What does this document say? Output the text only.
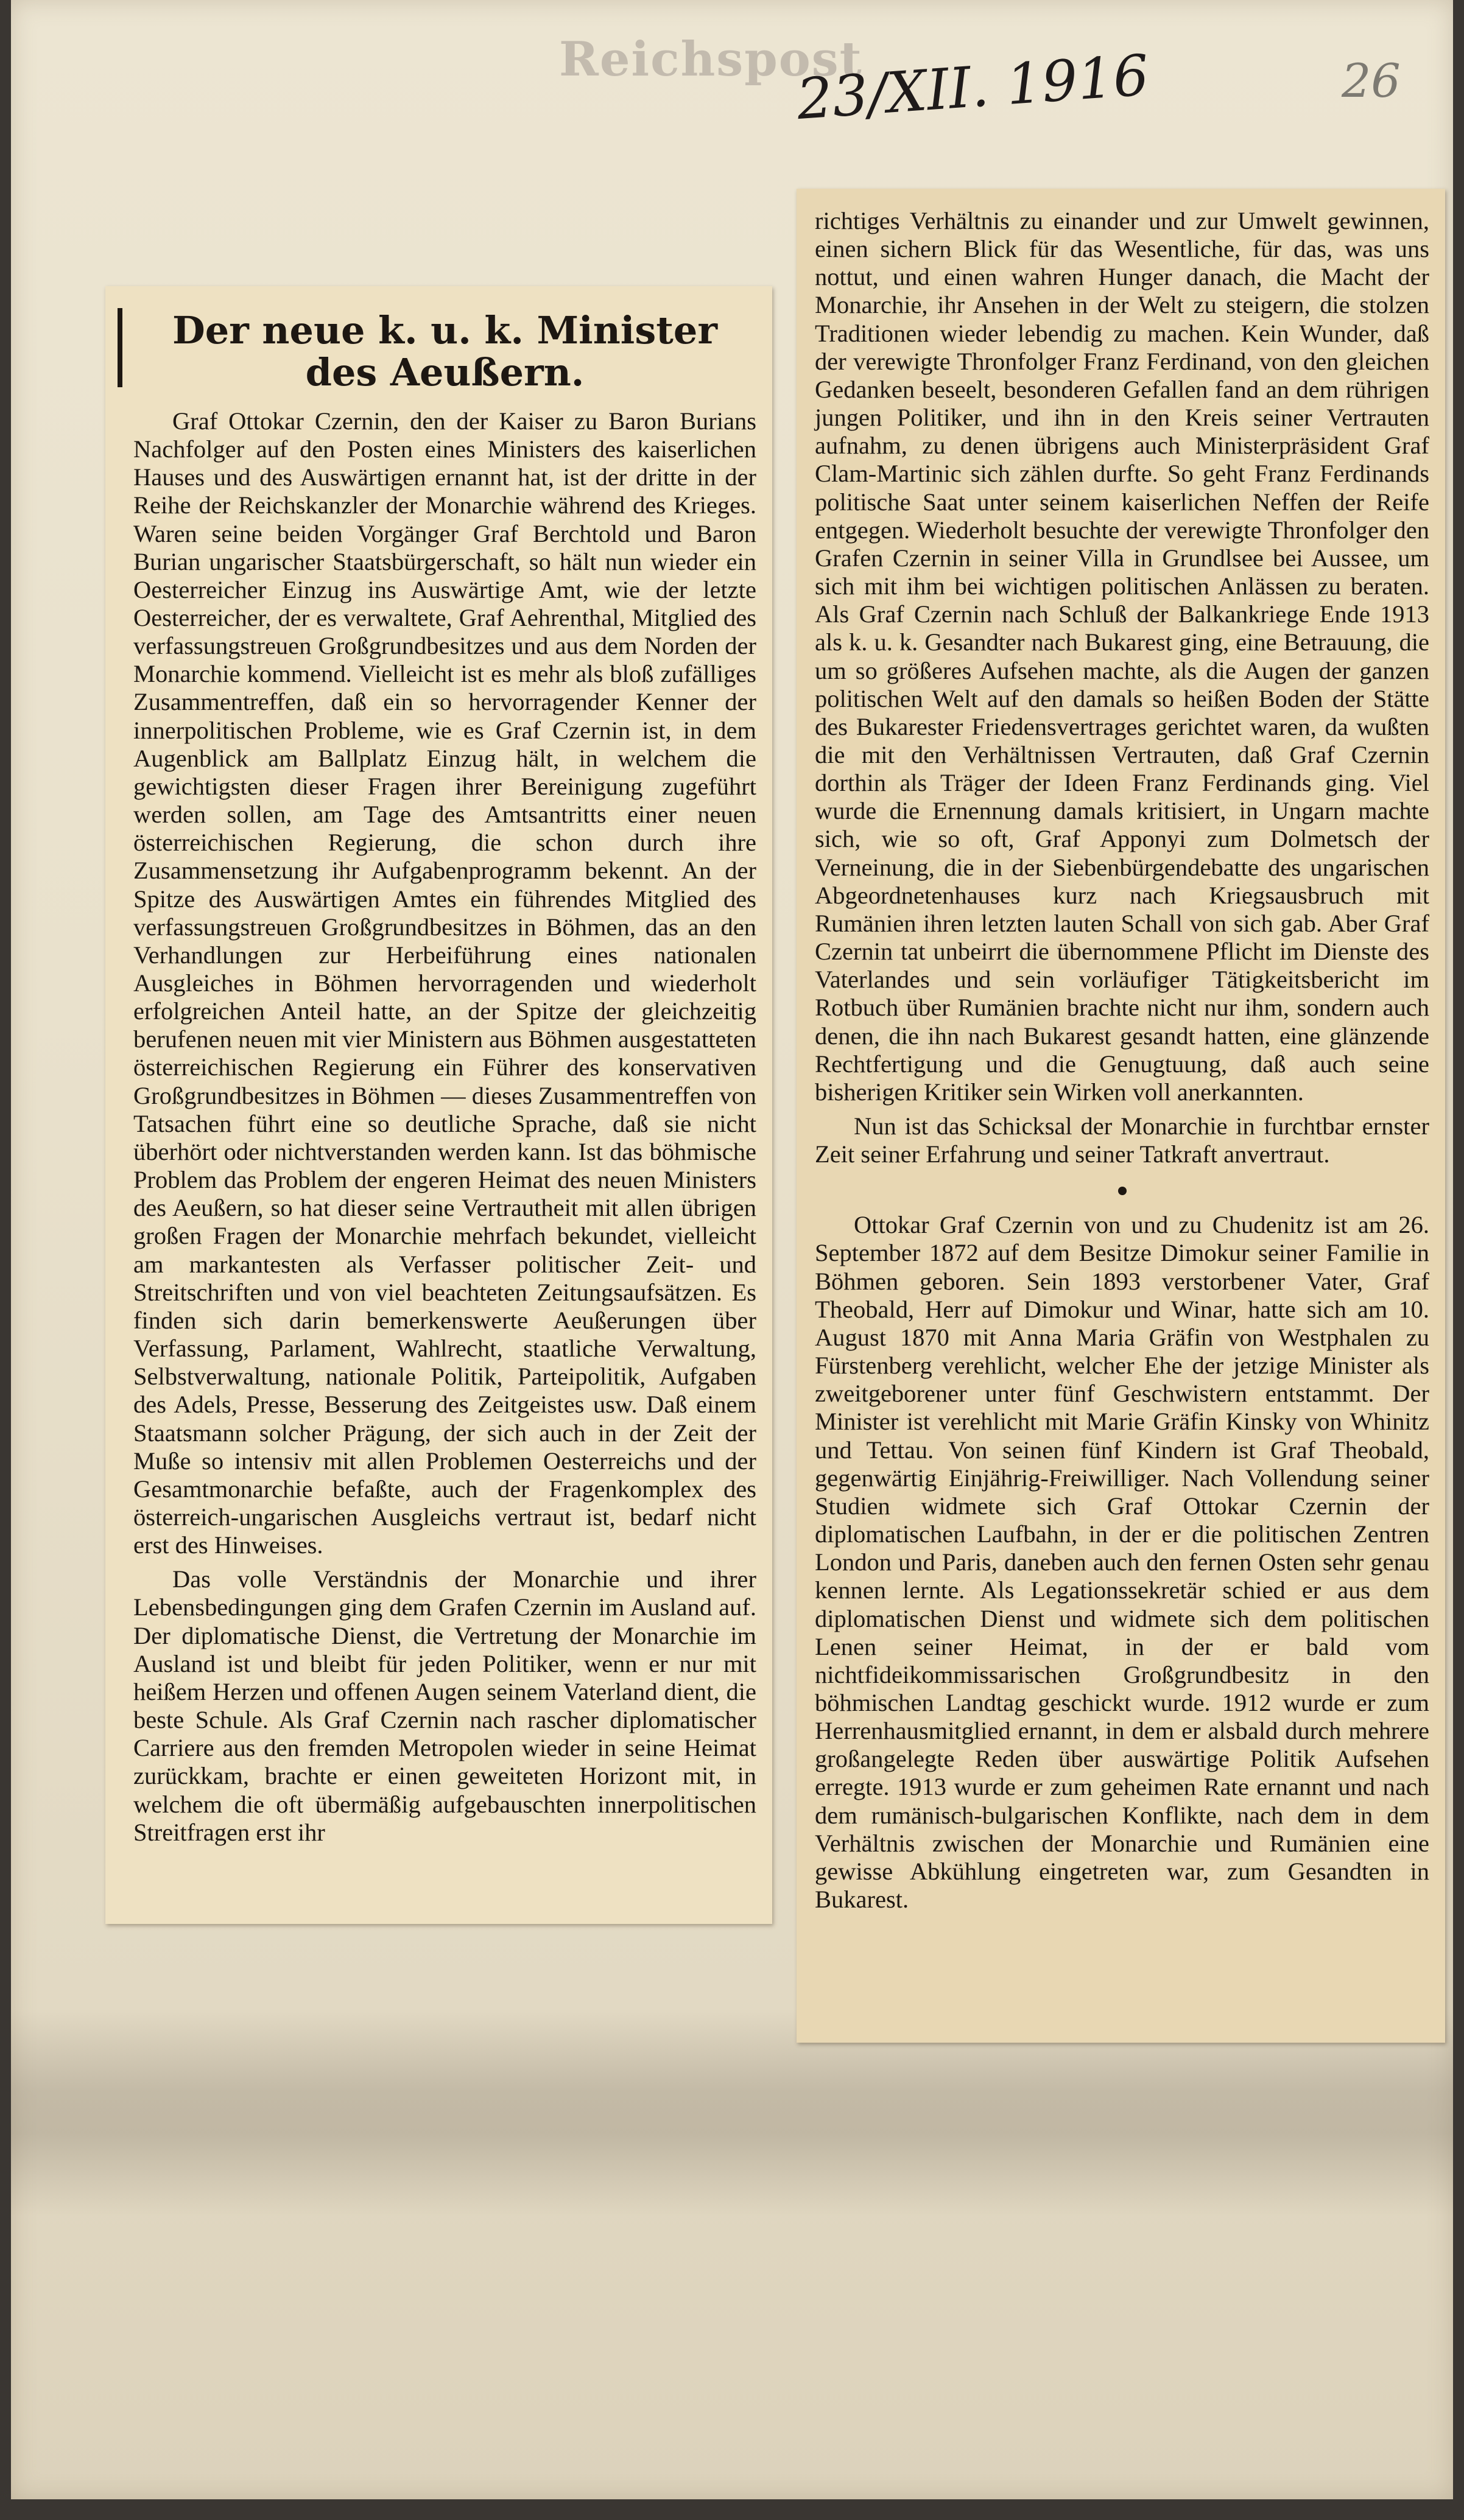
Reichspost
23/XII. 1916	26
Der neue k. u. k. Minister des Aeußern.

Graf Ottokar Czernin, den der Kaiser zu Baron Burians Nachfolger auf den Posten eines Ministers des kaiserlichen Hauses und des Auswärtigen ernannt hat, ist der dritte in der Reihe der Reichskanzler der Monarchie während des Krieges. Waren seine beiden Vorgänger Graf Berchtold und Baron Burian ungarischer Staatsbürgerschaft, so hält nun wieder ein Oesterreicher Einzug ins Auswärtige Amt, wie der letzte Oesterreicher, der es verwaltete, Graf Aehrenthal, Mitglied des verfassungstreuen Großgrundbesitzes und aus dem Norden der Monarchie kommend. Vielleicht ist es mehr als bloß zufälliges Zusammentreffen, daß ein so hervorragender Kenner der innerpolitischen Probleme, wie es Graf Czernin ist, in dem Augenblick am Ballplatz Einzug hält, in welchem die gewichtigsten dieser Fragen ihrer Bereinigung zugeführt werden sollen, am Tage des Amtsantritts einer neuen österreichischen Regierung, die schon durch ihre Zusammensetzung ihr Aufgabenprogramm bekennt. An der Spitze des Auswärtigen Amtes ein führendes Mitglied des verfassungstreuen Großgrundbesitzes in Böhmen, das an den Verhandlungen zur Herbeiführung eines nationalen Ausgleiches in Böhmen hervorragenden und wiederholt erfolgreichen Anteil hatte, an der Spitze der gleichzeitig berufenen neuen mit vier Ministern aus Böhmen ausgestatteten österreichischen Regierung ein Führer des konservativen Großgrundbesitzes in Böhmen — dieses Zusammentreffen von Tatsachen führt eine so deutliche Sprache, daß sie nicht überhört oder nichtverstanden werden kann. Ist das böhmische Problem das Problem der engeren Heimat des neuen Ministers des Aeußern, so hat dieser seine Vertrautheit mit allen übrigen großen Fragen der Monarchie mehrfach bekundet, vielleicht am markantesten als Verfasser politischer Zeit- und Streitschriften und von viel beachteten Zeitungsaufsätzen. Es finden sich darin bemerkenswerte Aeußerungen über Verfassung, Parlament, Wahlrecht, staatliche Verwaltung, Selbstverwaltung, nationale Politik, Parteipolitik, Aufgaben des Adels, Presse, Besserung des Zeitgeistes usw. Daß einem Staatsmann solcher Prägung, der sich auch in der Zeit der Muße so intensiv mit allen Problemen Oesterreichs und der Gesamtmonarchie befaßte, auch der Fragenkomplex des österreich-ungarischen Ausgleichs vertraut ist, bedarf nicht erst des Hinweises.

Das volle Verständnis der Monarchie und ihrer Lebensbedingungen ging dem Grafen Czernin im Ausland auf. Der diplomatische Dienst, die Vertretung der Monarchie im Ausland ist und bleibt für jeden Politiker, wenn er nur mit heißem Herzen und offenen Augen seinem Vaterland dient, die beste Schule. Als Graf Czernin nach rascher diplomatischer Carriere aus den fremden Metropolen wieder in seine Heimat zurückkam, brachte er einen geweiteten Horizont mit, in welchem die oft übermäßig aufgebauschten innerpolitischen Streitfragen erst ihr

richtiges Verhältnis zu einander und zur Umwelt gewinnen, einen sichern Blick für das Wesentliche, für das, was uns nottut, und einen wahren Hunger danach, die Macht der Monarchie, ihr Ansehen in der Welt zu steigern, die stolzen Traditionen wieder lebendig zu machen. Kein Wunder, daß der verewigte Thronfolger Franz Ferdinand, von den gleichen Gedanken beseelt, besonderen Gefallen fand an dem rührigen jungen Politiker, und ihn in den Kreis seiner Vertrauten aufnahm, zu denen übrigens auch Ministerpräsident Graf Clam-Martinic sich zählen durfte. So geht Franz Ferdinands politische Saat unter seinem kaiserlichen Neffen der Reife entgegen. Wiederholt besuchte der verewigte Thronfolger den Grafen Czernin in seiner Villa in Grundlsee bei Aussee, um sich mit ihm bei wichtigen politischen Anlässen zu beraten. Als Graf Czernin nach Schluß der Balkankriege Ende 1913 als k. u. k. Gesandter nach Bukarest ging, eine Betrauung, die um so größeres Aufsehen machte, als die Augen der ganzen politischen Welt auf den damals so heißen Boden der Stätte des Bukarester Friedensvertrages gerichtet waren, da wußten die mit den Verhältnissen Vertrauten, daß Graf Czernin dorthin als Träger der Ideen Franz Ferdinands ging. Viel wurde die Ernennung damals kritisiert, in Ungarn machte sich, wie so oft, Graf Apponyi zum Dolmetsch der Verneinung, die in der Siebenbürgendebatte des ungarischen Abgeordnetenhauses kurz nach Kriegsausbruch mit Rumänien ihren letzten lauten Schall von sich gab. Aber Graf Czernin tat unbeirrt die übernommene Pflicht im Dienste des Vaterlandes und sein vorläufiger Tätigkeitsbericht im Rotbuch über Rumänien brachte nicht nur ihm, sondern auch denen, die ihn nach Bukarest gesandt hatten, eine glänzende Rechtfertigung und die Genugtuung, daß auch seine bisherigen Kritiker sein Wirken voll anerkannten.

Nun ist das Schicksal der Monarchie in furchtbar ernster Zeit seiner Erfahrung und seiner Tatkraft anvertraut.

Ottokar Graf Czernin von und zu Chudenitz ist am 26. September 1872 auf dem Besitze Dimokur seiner Familie in Böhmen geboren. Sein 1893 verstorbener Vater, Graf Theobald, Herr auf Dimokur und Winar, hatte sich am 10. August 1870 mit Anna Maria Gräfin von Westphalen zu Fürstenberg verehlicht, welcher Ehe der jetzige Minister als zweitgeborener unter fünf Geschwistern entstammt. Der Minister ist verehlicht mit Marie Gräfin Kinsky von Whinitz und Tettau. Von seinen fünf Kindern ist Graf Theobald, gegenwärtig Einjährig-Freiwilliger. Nach Vollendung seiner Studien widmete sich Graf Ottokar Czernin der diplomatischen Laufbahn, in der er die politischen Zentren London und Paris, daneben auch den fernen Osten sehr genau kennen lernte. Als Legationssekretär schied er aus dem diplomatischen Dienst und widmete sich dem politischen Lenen seiner Heimat, in der er bald vom nichtfideikommissarischen Großgrundbesitz in den böhmischen Landtag geschickt wurde. 1912 wurde er zum Herrenhausmitglied ernannt, in dem er alsbald durch mehrere großangelegte Reden über auswärtige Politik Aufsehen erregte. 1913 wurde er zum geheimen Rate ernannt und nach dem rumänisch-bulgarischen Konflikte, nach dem in dem Verhältnis zwischen der Monarchie und Rumänien eine gewisse Abkühlung eingetreten war, zum Gesandten in Bukarest.
